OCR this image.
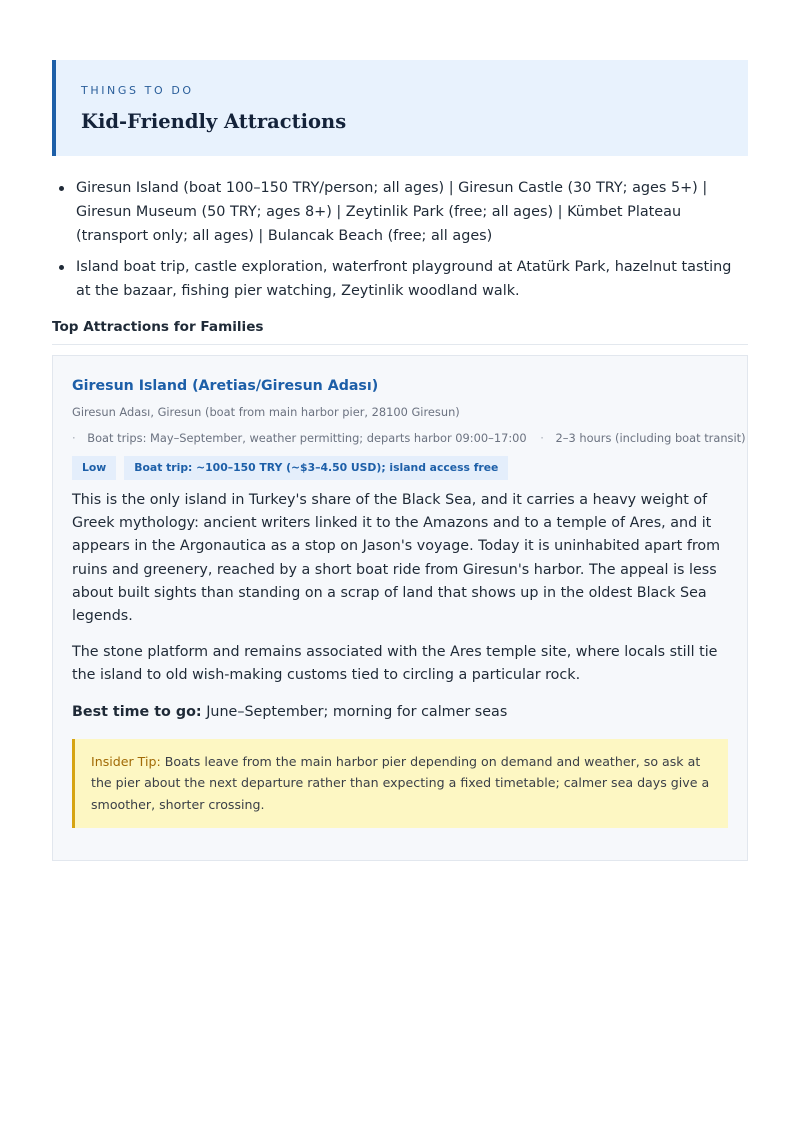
THINGS TO DO
Kid-Friendly Attractions
Giresun Island (boat 100–150 TRY/person; all ages) | Giresun Castle (30 TRY; ages 5+) | Giresun Museum (50 TRY; ages 8+) | Zeytinlik Park (free; all ages) | Kümbet Plateau (transport only; all ages) | Bulancak Beach (free; all ages)
Island boat trip, castle exploration, waterfront playground at Atatürk Park, hazelnut tasting at the bazaar, fishing pier watching, Zeytinlik woodland walk.
Top Attractions for Families
Giresun Island (Aretias/Giresun Adası)
Giresun Adası, Giresun (boat from main harbor pier, 28100 Giresun)
· Boat trips: May–September, weather permitting; departs harbor 09:00–17:00 · 2–3 hours (including boat transit)
Low	Boat trip: ~100–150 TRY (~$3–4.50 USD); island access free

This is the only island in Turkey's share of the Black Sea, and it carries a heavy weight of Greek mythology: ancient writers linked it to the Amazons and to a temple of Ares, and it appears in the Argonautica as a stop on Jason's voyage. Today it is uninhabited apart from ruins and greenery, reached by a short boat ride from Giresun's harbor. The appeal is less about built sights than standing on a scrap of land that shows up in the oldest Black Sea legends.

The stone platform and remains associated with the Ares temple site, where locals still tie the island to old wish-making customs tied to circling a particular rock.

Best time to go: June–September; morning for calmer seas
Insider Tip: Boats leave from the main harbor pier depending on demand and weather, so ask at the pier about the next departure rather than expecting a fixed timetable; calmer sea days give a smoother, shorter crossing.
